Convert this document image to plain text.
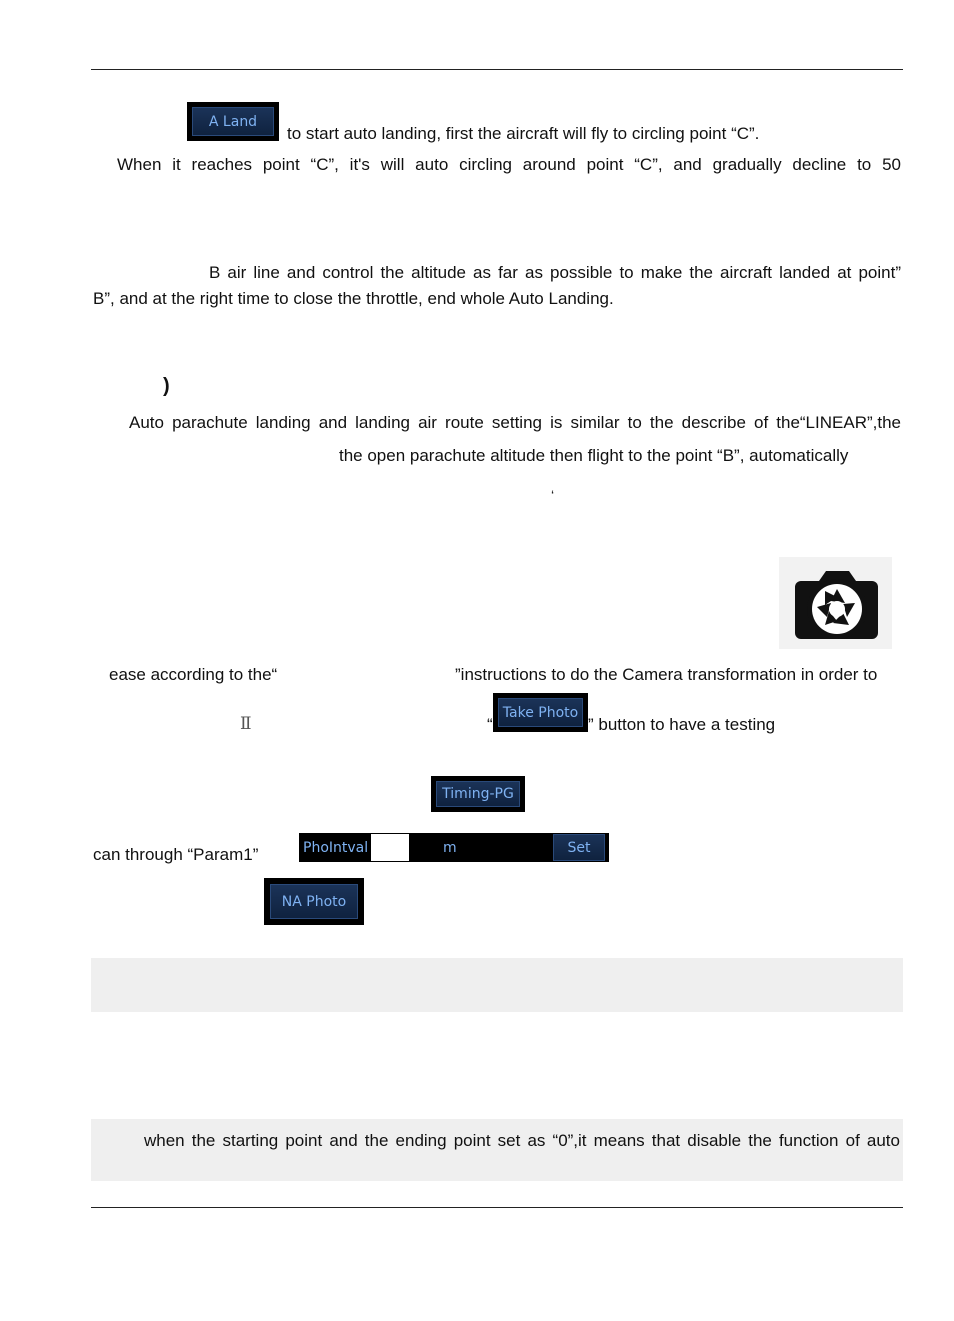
A Land
to start auto landing, first the aircraft will fly to circling point “C”.
When it reaches point “C”, it's will auto circling around point “C”, and gradually decline to 50
B air line and control the altitude as far as possible to make the aircraft landed at point”
B”, and at the right time to close the throttle, end whole Auto Landing.
)
Auto parachute landing and landing air route setting is similar to the describe of the“LINEAR”,the
the open parachute altitude then flight to the point “B”, automatically
‘
ease according to the“	”instructions to do the Camera transformation in order to
Ⅱ	“
Take Photo
” button to have a testing
Timing-PG
can through “Param1”	PhoIntval	m	Set
NA Photo
when the starting point and the ending point set as “0”,it means that disable the function of auto
